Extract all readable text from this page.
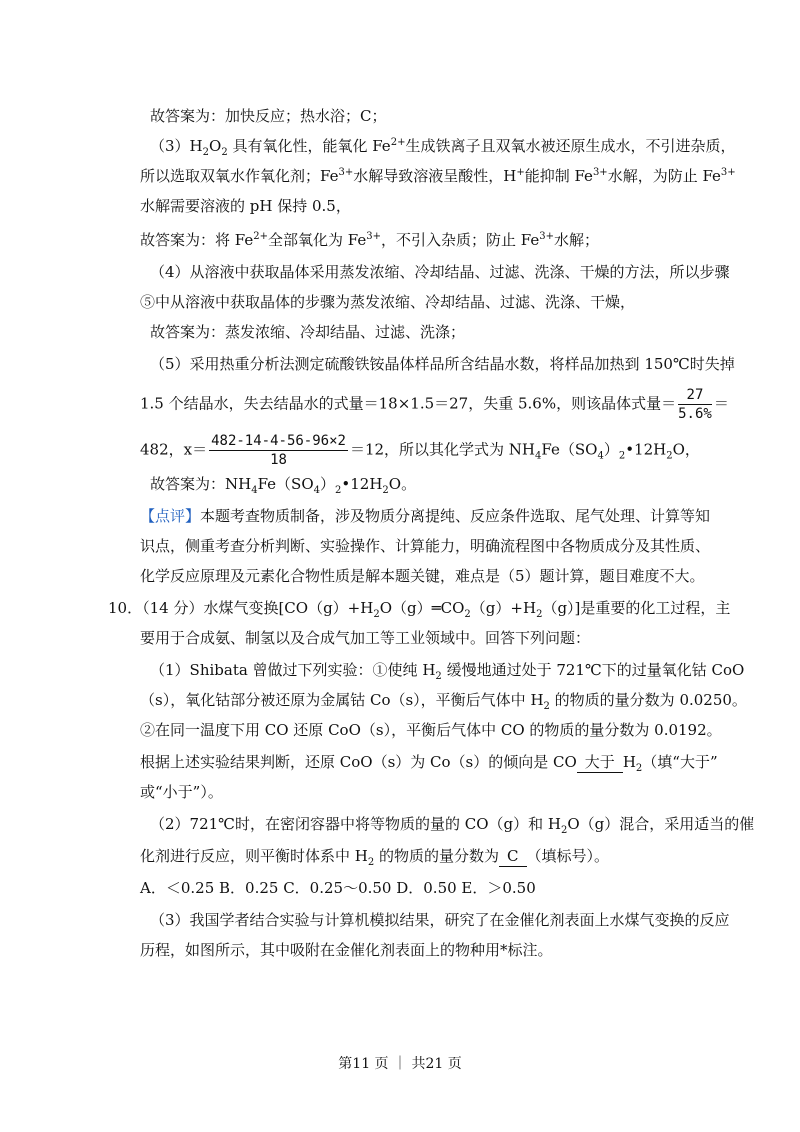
故答案为：加快反应；热水浴；C；
$(3)H_2O_2$ 具有氧化性，能氧化 $Fe^{2+}$生成铁离子且双氧水被还原生成水，不引进杂质，
所以选取双氧水作氧化剂；$Fe^{3+}$水解导致溶液呈酸性，H+能抑制 $Fe^{3+}$水解，为防止 $Fe^{3+}$
水解需要溶液的 pH 保持 0.5，
故答案为：将 $Fe^{2+}$全部氧化为 $Fe^{3+}$，不引入杂质；防止 $Fe^{3+}$水解；
（4）从溶液中获取晶体采用蒸发浓缩、冷却结晶、过滤、洗涤、干燥的方法，所以步骤
⑤中从溶液中获取晶体的步骤为蒸发浓缩、冷却结晶、过滤、洗涤、干燥，
故答案为：蒸发浓缩、冷却结晶、过滤、洗涤；
（5）采用热重分析法测定硫酸铁铵晶体样品所含结晶水数，将样品加热到 150℃时失掉
1.5 个结晶水，失去结晶水的式量＝18×1.5＝27，失重 5.6%，则该晶体式量＝ $\frac{27}{5.6\%}$ ＝
482，$x= \frac{482-14-4-56-96\times 2}{18} =12$，所以其化学式为 $NH_4Fe(SO_4)_2•12H_2O$，
故答案为：$NH_4Fe(SO_4)_2•12H_2O$。
【点评】本题考查物质制备，涉及物质分离提纯、反应条件选取、尾气处理、计算等知
识点，侧重考查分析判断、实验操作、计算能力，明确流程图中各物质成分及其性质、
化学反应原理及元素化合物性质是解本题关键，难点是（5）题计算，题目难度不大。
10．（14 分）水煤气变换$[CO(g)+H_2O(g)═CO_2(g)+H_2(g)]$是重要的化工过程，主
要用于合成氨、制氢以及合成气加工等工业领域中。回答下列问题：
（1）Shibata 曾做过下列实验：①使纯 $H_2$ 缓慢地通过处于 721℃下的过量氧化钴 CoO
（s），氧化钴部分被还原为金属钴 Co（s），平衡后气体中 $H_2$ 的物质的量分数为 0.0250。
②在同一温度下用 CO 还原 CoO（s），平衡后气体中 CO 的物质的量分数为 0.0192。
根据上述实验结果判断，还原 CoO（s）为 Co（s）的倾向是 CO 大于 $H_2$（填“大于”
或“小于”）。
（2）721℃时，在密闭容器中将等物质的量的 CO（g）和 $H_2O(g)$混合，采用适当的催
化剂进行反应，则平衡时体系中 $H_2$ 的物质的量分数为 C （填标号）。
A．＜0.25 B．0.25 C．0.25～0.50 D．0.50 E．＞0.50
（3）我国学者结合实验与计算机模拟结果，研究了在金催化剂表面上水煤气变换的反应
历程，如图所示，其中吸附在金催化剂表面上的物种用*标注。
第11 页 ｜ 共21 页
